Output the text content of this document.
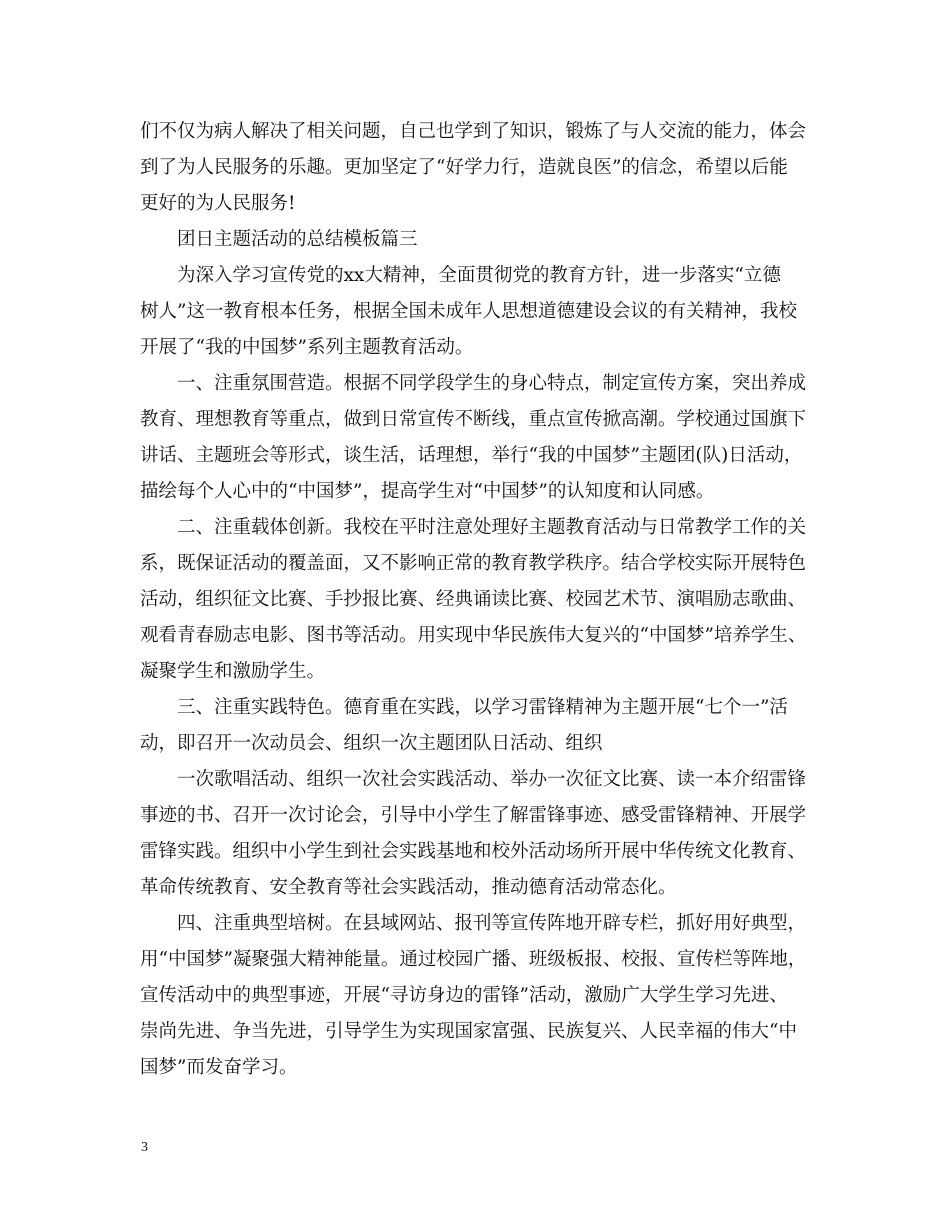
们不仅为病人解决了相关问题，自己也学到了知识，锻炼了与人交流的能力，体会
到了为人民服务的乐趣。更加坚定了“好学力行，造就良医”的信念，希望以后能
更好的为人民服务!
团日主题活动的总结模板篇三
为深入学习宣传党的xx大精神，全面贯彻党的教育方针，进一步落实“立德
树人”这一教育根本任务，根据全国未成年人思想道德建设会议的有关精神，我校
开展了“我的中国梦”系列主题教育活动。
一、注重氛围营造。根据不同学段学生的身心特点，制定宣传方案，突出养成
教育、理想教育等重点，做到日常宣传不断线，重点宣传掀高潮。学校通过国旗下
讲话、主题班会等形式，谈生活，话理想，举行“我的中国梦”主题团(队)日活动，
描绘每个人心中的“中国梦”，提高学生对“中国梦”的认知度和认同感。
二、注重载体创新。我校在平时注意处理好主题教育活动与日常教学工作的关
系，既保证活动的覆盖面，又不影响正常的教育教学秩序。结合学校实际开展特色
活动，组织征文比赛、手抄报比赛、经典诵读比赛、校园艺术节、演唱励志歌曲、
观看青春励志电影、图书等活动。用实现中华民族伟大复兴的“中国梦”培养学生、
凝聚学生和激励学生。
三、注重实践特色。德育重在实践，以学习雷锋精神为主题开展“七个一”活
动，即召开一次动员会、组织一次主题团队日活动、组织
一次歌唱活动、组织一次社会实践活动、举办一次征文比赛、读一本介绍雷锋
事迹的书、召开一次讨论会，引导中小学生了解雷锋事迹、感受雷锋精神、开展学
雷锋实践。组织中小学生到社会实践基地和校外活动场所开展中华传统文化教育、
革命传统教育、安全教育等社会实践活动，推动德育活动常态化。
四、注重典型培树。在县域网站、报刊等宣传阵地开辟专栏，抓好用好典型，
用“中国梦”凝聚强大精神能量。通过校园广播、班级板报、校报、宣传栏等阵地，
宣传活动中的典型事迹，开展“寻访身边的雷锋”活动，激励广大学生学习先进、
崇尚先进、争当先进，引导学生为实现国家富强、民族复兴、人民幸福的伟大“中
国梦”而发奋学习。
3
